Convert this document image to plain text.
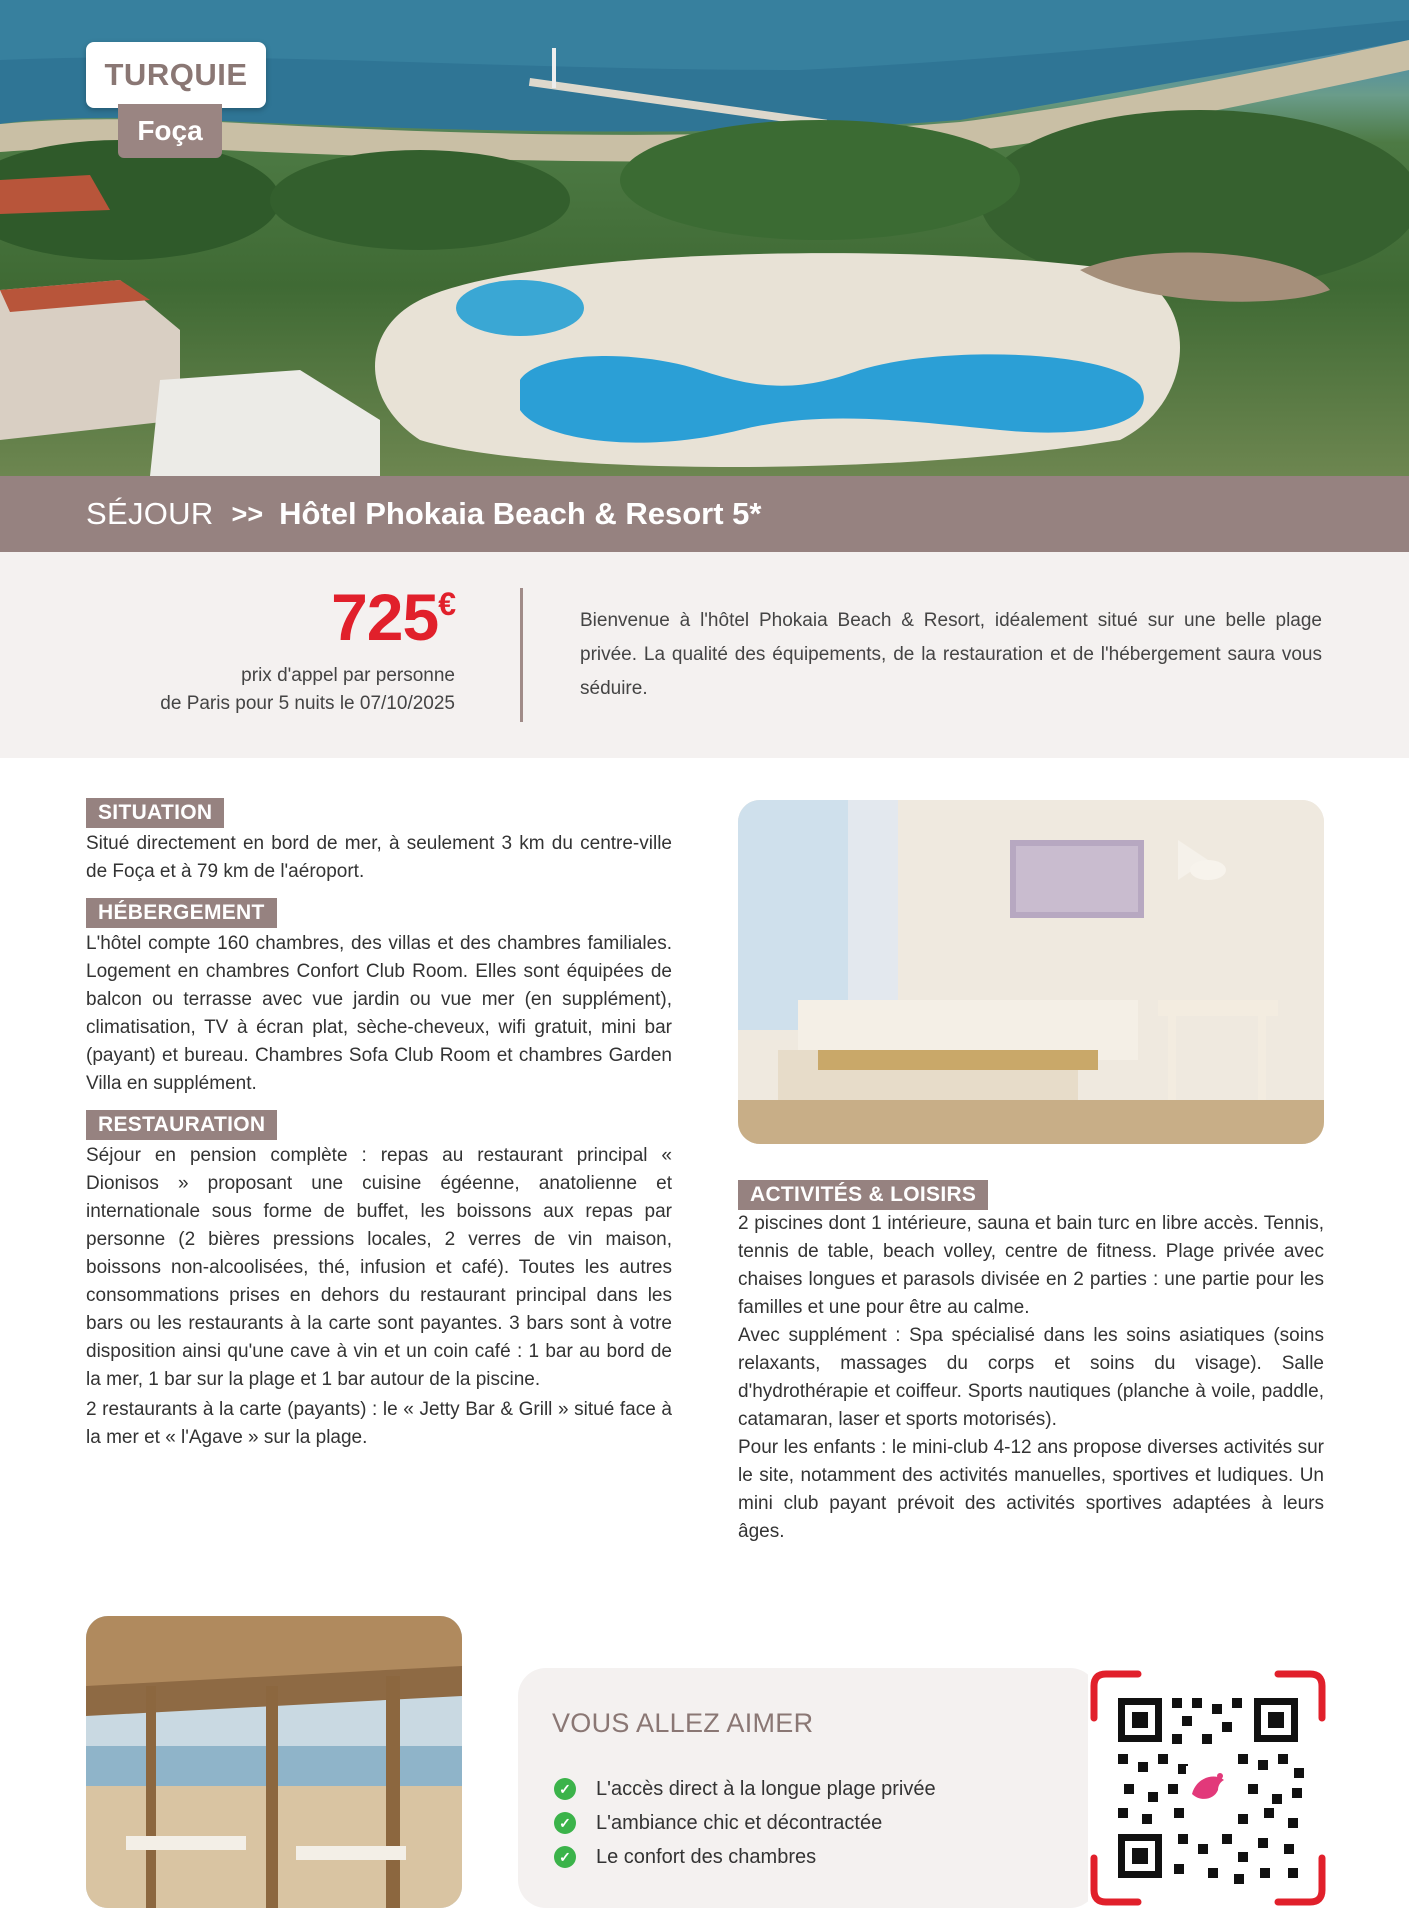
TURQUIE
Foça
SÉJOUR >> Hôtel Phokaia Beach & Resort 5*
725€
prix d'appel par personne
de Paris pour 5 nuits le 07/10/2025

Bienvenue à l'hôtel Phokaia Beach & Resort, idéalement situé sur une belle plage privée. La qualité des équipements, de la restauration et de l'hébergement saura vous séduire.

SITUATION

Situé directement en bord de mer, à seulement 3 km du centre-ville de Foça et à 79 km de l'aéroport.

HÉBERGEMENT

L'hôtel compte 160 chambres, des villas et des chambres familiales. Logement en chambres Confort Club Room. Elles sont équipées de balcon ou terrasse avec vue jardin ou vue mer (en supplément), climatisation, TV à écran plat, sèche-cheveux, wifi gratuit, mini bar (payant) et bureau. Chambres Sofa Club Room et chambres Garden Villa en supplément.

RESTAURATION

Séjour en pension complète : repas au restaurant principal « Dionisos » proposant une cuisine égéenne, anatolienne et internationale sous forme de buffet, les boissons aux repas par personne (2 bières pressions locales, 2 verres de vin maison, boissons non-alcoolisées, thé, infusion et café). Toutes les autres consommations prises en dehors du restaurant principal dans les bars ou les restaurants à la carte sont payantes. 3 bars sont à votre disposition ainsi qu'une cave à vin et un coin café : 1 bar au bord de la mer, 1 bar sur la plage et 1 bar autour de la piscine.

2 restaurants à la carte (payants) : le « Jetty Bar & Grill » situé face à la mer et « l'Agave » sur la plage.

ACTIVITÉS & LOISIRS

2 piscines dont 1 intérieure, sauna et bain turc en libre accès. Tennis, tennis de table, beach volley, centre de fitness. Plage privée avec chaises longues et parasols divisée en 2 parties : une partie pour les familles et une pour être au calme.

Avec supplément : Spa spécialisé dans les soins asiatiques (soins relaxants, massages du corps et soins du visage). Salle d'hydrothérapie et coiffeur. Sports nautiques (planche à voile, paddle, catamaran, laser et sports motorisés).

Pour les enfants : le mini-club 4-12 ans propose diverses activités sur le site, notamment des activités manuelles, sportives et ludiques. Un mini club payant prévoit des activités sportives adaptées à leurs âges.

VOUS ALLEZ AIMER
✓ L'accès direct à la longue plage privée
✓ L'ambiance chic et décontractée
✓ Le confort des chambres
